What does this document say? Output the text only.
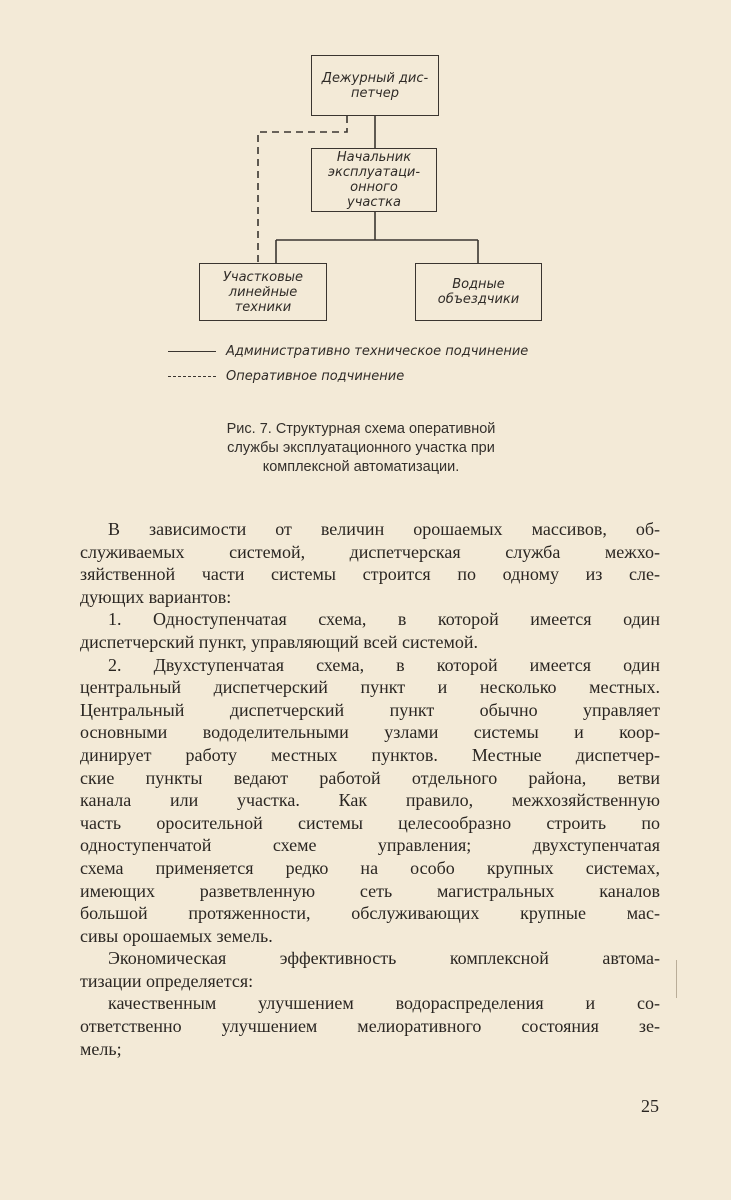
Дежурный дис-
петчер
Начальник
эксплуатаци-
онного
участка
Участковые
линейные
техники
Водные
объездчики
Административно техническое подчинение
Оперативное подчинение
Рис. 7. Структурная схема оперативной
службы эксплуатационного участка при
комплексной автоматизации.
В зависимости от величин орошаемых массивов, об-
служиваемых системой, диспетчерская служба межхо-
зяйственной части системы строится по одному из сле-
дующих вариантов:
1. Одноступенчатая схема, в которой имеется один
диспетчерский пункт, управляющий всей системой.
2. Двухступенчатая схема, в которой имеется один
центральный диспетчерский пункт и несколько местных.
Центральный диспетчерский пункт обычно управляет
основными вододелительными узлами системы и коор-
динирует работу местных пунктов. Местные диспетчер-
ские пункты ведают работой отдельного района, ветви
канала или участка. Как правило, межхозяйственную
часть оросительной системы целесообразно строить по
одноступенчатой схеме управления; двухступенчатая
схема применяется редко на особо крупных системах,
имеющих разветвленную сеть магистральных каналов
большой протяженности, обслуживающих крупные мас-
сивы орошаемых земель.
Экономическая эффективность комплексной автома-
тизации определяется:
качественным улучшением водораспределения и со-
ответственно улучшением мелиоративного состояния зе-
мель;
25
